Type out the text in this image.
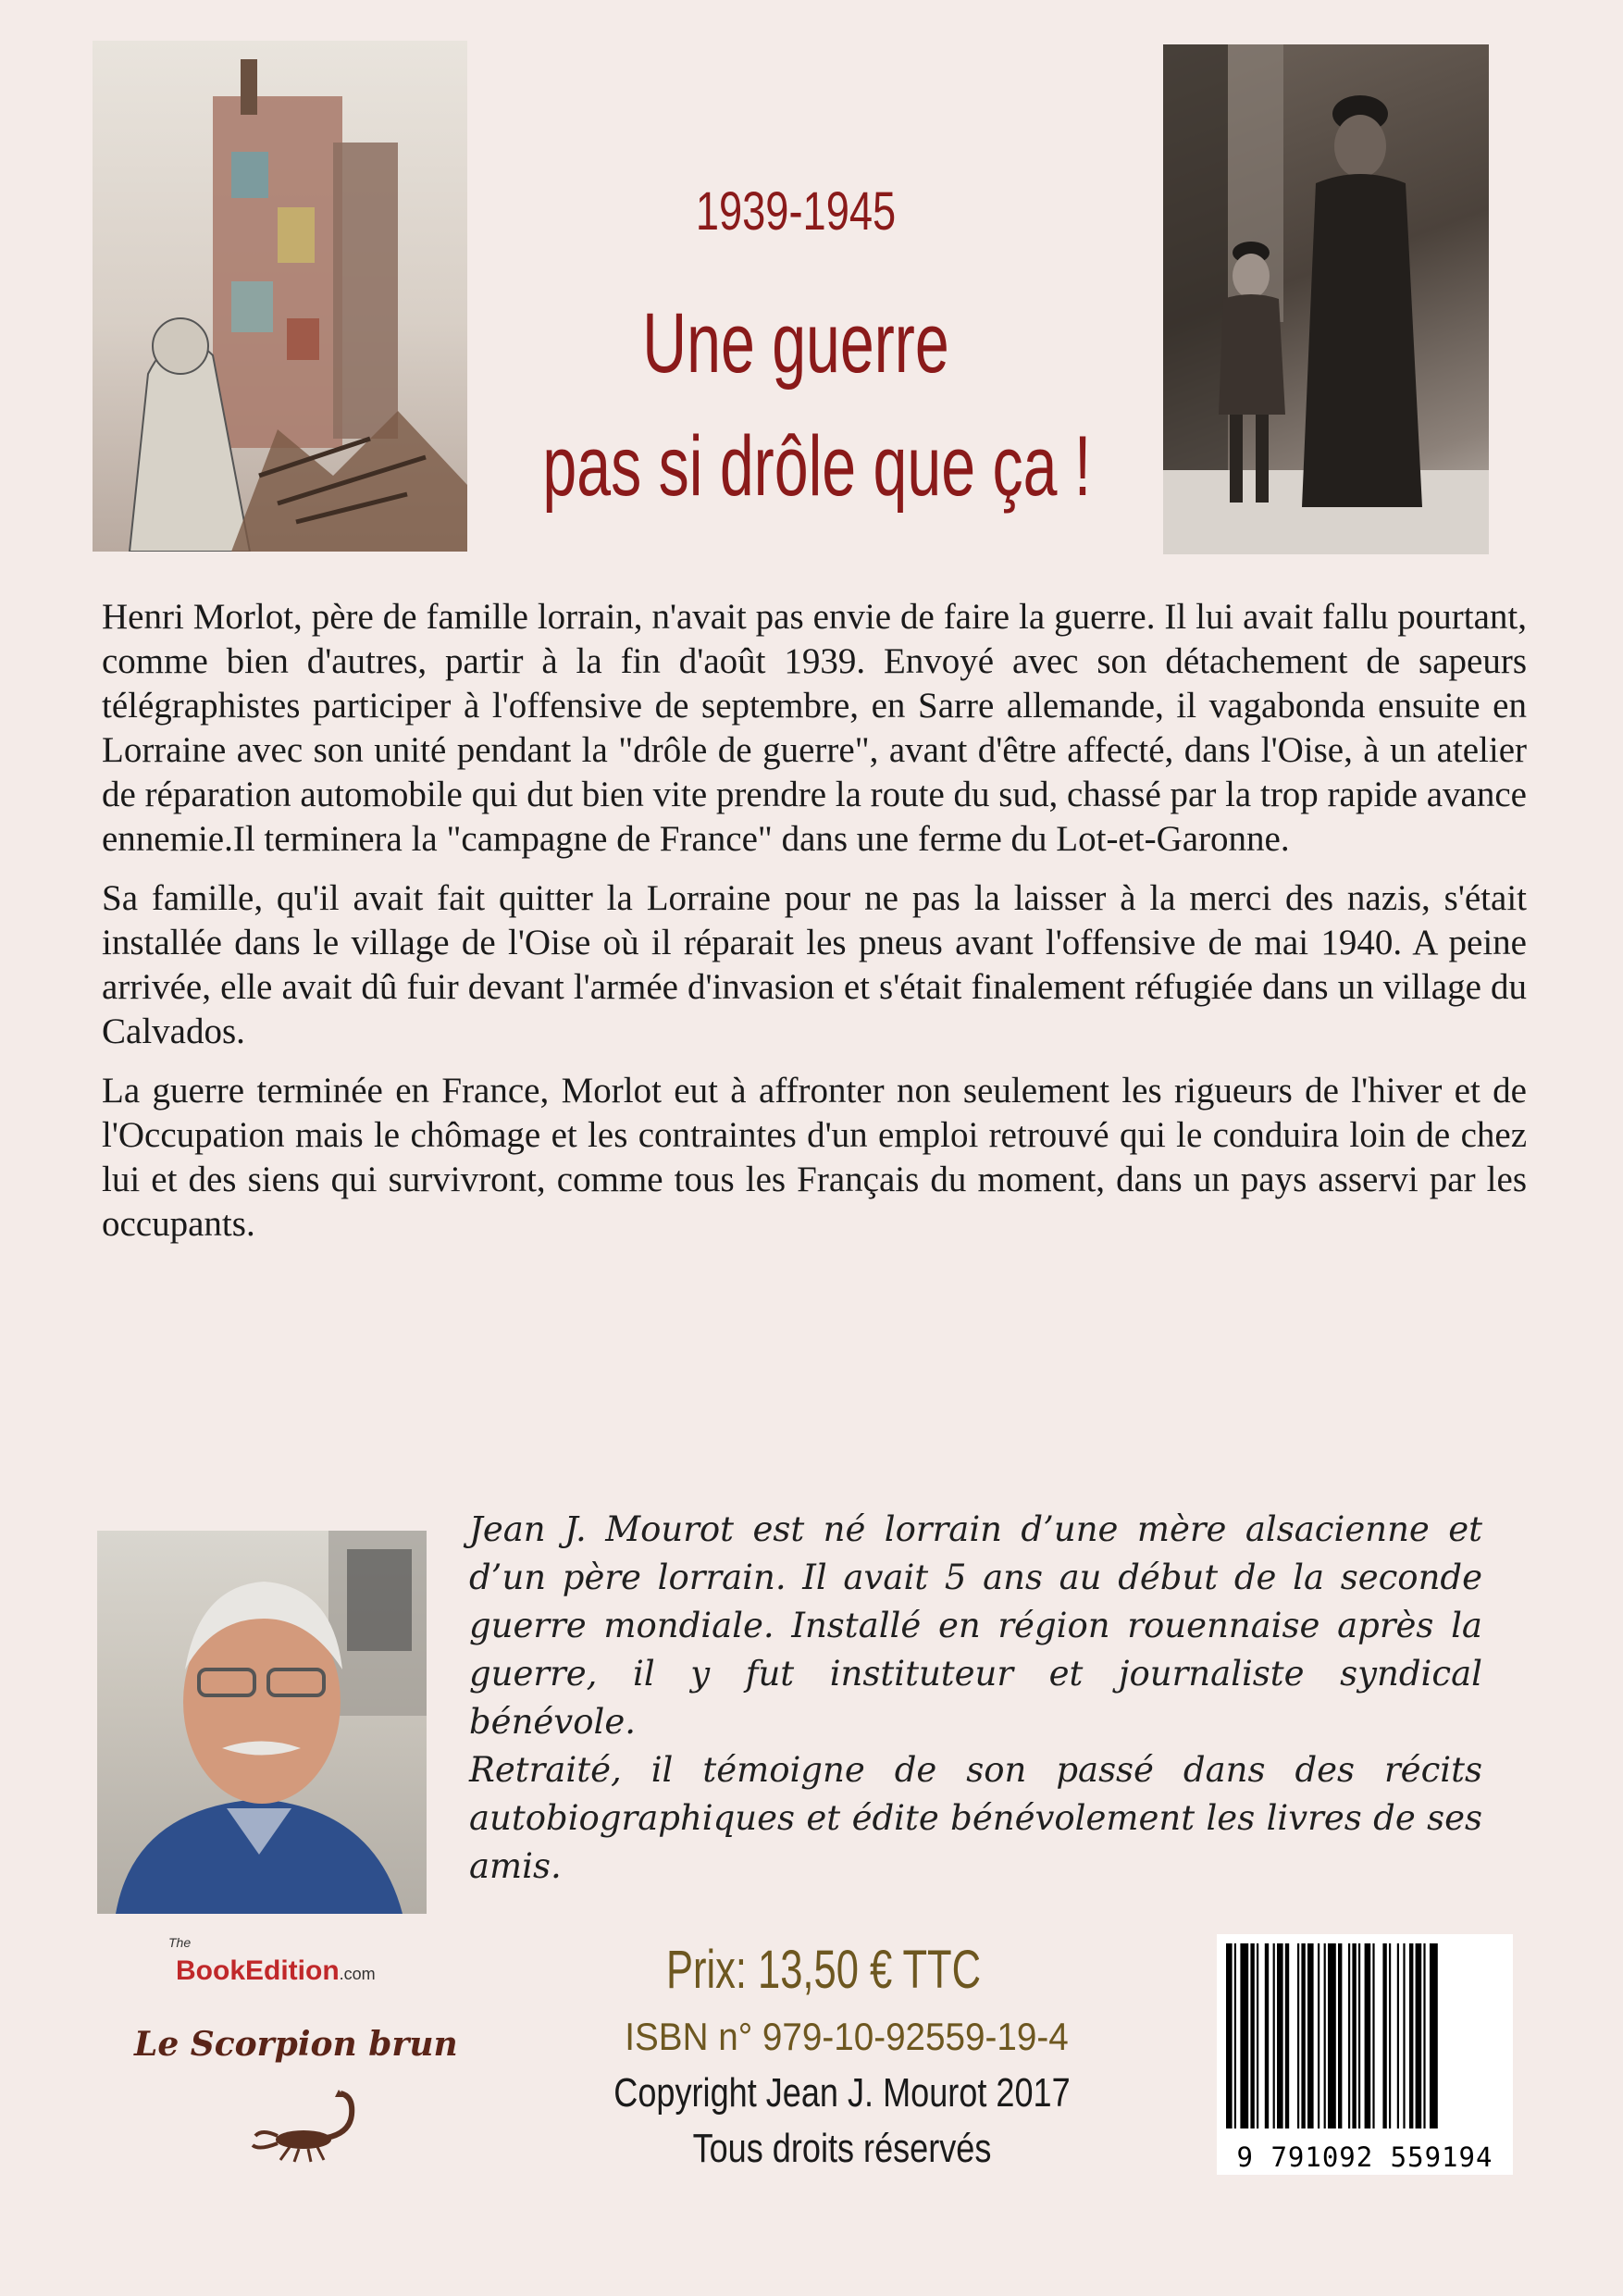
1939-1945
Une guerre
pas si drôle que ça !

Henri Morlot, père de famille lorrain, n'avait pas envie de faire la guerre. Il lui avait fallu pourtant, comme bien d'autres, partir à la fin d'août 1939. Envoyé avec son détachement de sapeurs télégraphistes participer à l'offensive de septembre, en Sarre allemande, il vagabonda ensuite en Lorraine avec son unité pendant la "drôle de guerre", avant d'être affecté, dans l'Oise, à un atelier de réparation automobile qui dut bien vite prendre la route du sud, chassé par la trop rapide avance ennemie.Il terminera la "campagne de France" dans une ferme du Lot-et-Garonne.

Sa famille, qu'il avait fait quitter la Lorraine pour ne pas la laisser à la merci des nazis, s'était installée dans le village de l'Oise où il réparait les pneus avant l'offensive de mai 1940. A peine arrivée, elle avait dû fuir devant l'armée d'invasion et s'était finalement réfugiée dans un village du Calvados.

La guerre terminée en France, Morlot eut à affronter non seulement les rigueurs de l'hiver et de l'Occupation mais le chômage et les contraintes d'un emploi retrouvé qui le conduira loin de chez lui et des siens qui survivront, comme tous les Français du moment, dans un pays asservi par les occupants.

Jean J. Mourot est né lorrain d’une mère alsacienne et d’un père lorrain. Il avait 5 ans au début de la seconde guerre mondiale. Installé en région rouennaise après la guerre, il y fut instituteur et journaliste syndical bénévole.

Retraité, il témoigne de son passé dans des récits autobiographiques et édite bénévolement les livres de ses amis.

The
BookEdition.com
Le Scorpion brun
Prix: 13,50 € TTC
ISBN n° 979-10-92559-19-4
Copyright Jean J. Mourot 2017
Tous droits réservés	9 791092 559194
